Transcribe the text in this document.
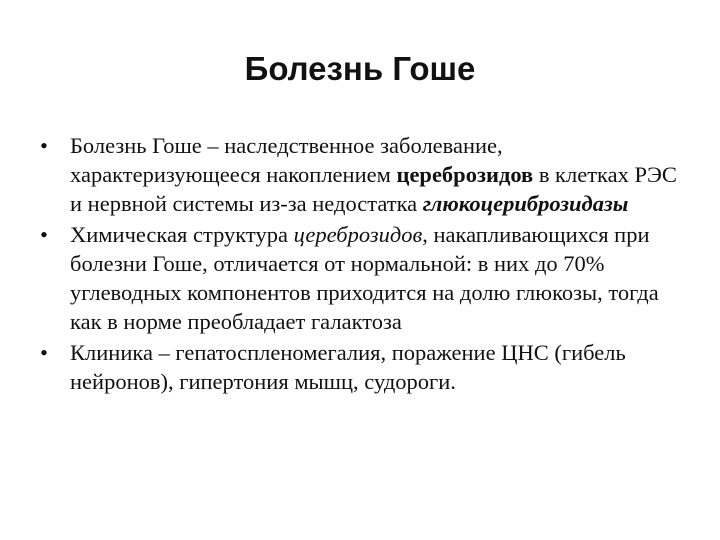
Болезнь Гоше
• Болезнь Гоше – наследственное заболевание, характеризующееся накоплением цереброзидов в клетках РЭС и нервной системы из-за недостатка глюкоцериброзидазы
• Химическая структура цереброзидов, накапливающихся при болезни Гоше, отличается от нормальной: в них до 70% углеводных компонентов приходится на долю глюкозы, тогда как в норме преобладает галактоза
• Клиника – гепатоспленомегалия, поражение ЦНС (гибель нейронов), гипертония мышц, судороги.
